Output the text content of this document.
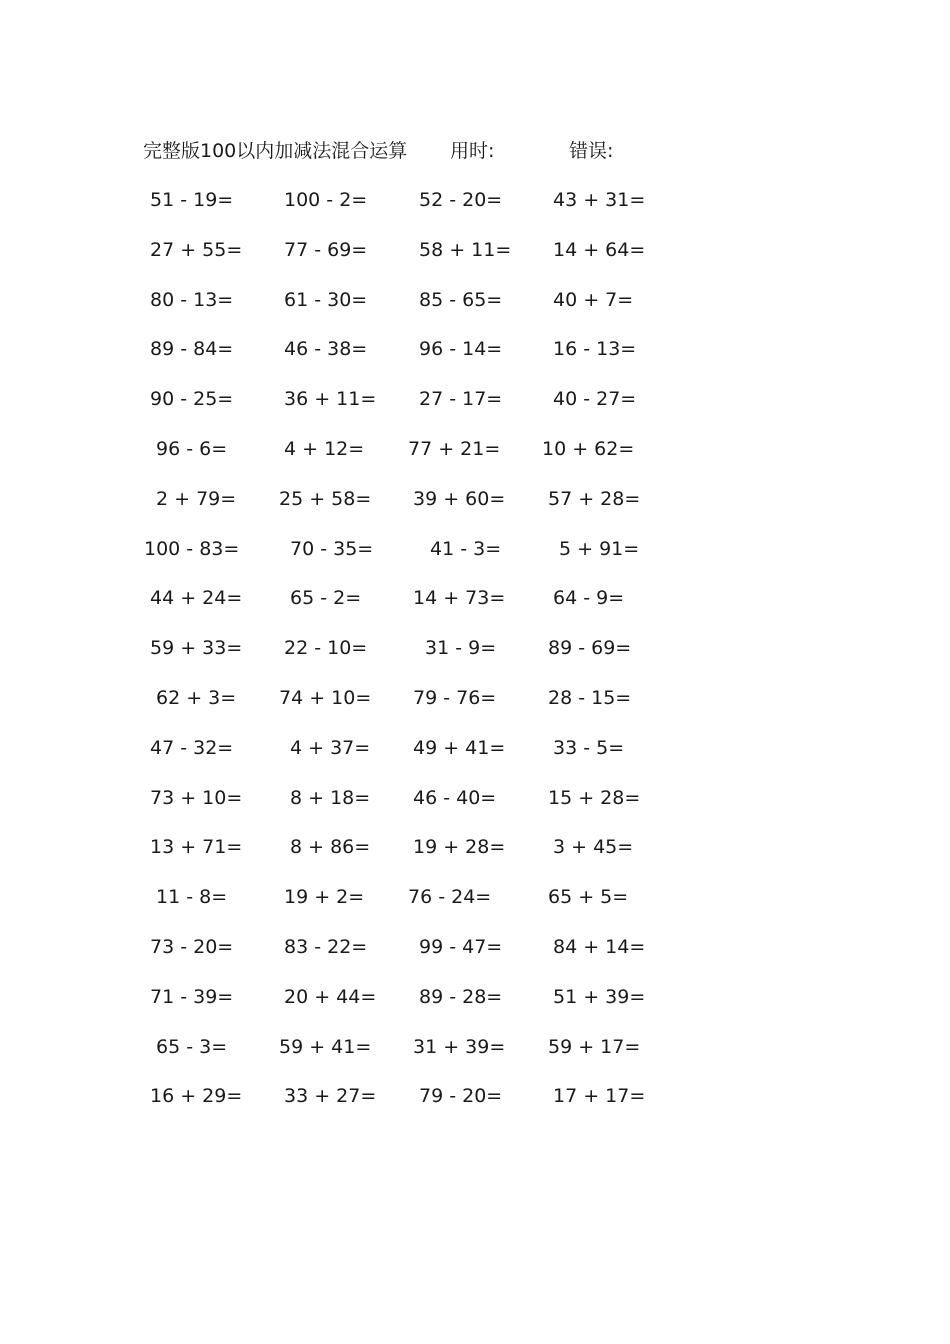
完整版100以内加减法混合运算 用时:	错误:
51 - 19=	100 - 2=	52 - 20=	43 + 31=
27 + 55= 77 - 69=	58 + 11= 14 + 64=
80 - 13=	61 - 30=	85 - 65=	40 + 7=
89 - 84=	46 - 38=	96 - 14=	16 - 13=
90 - 25=	36 + 11= 27 - 17=	40 - 27=
96 - 6=	4 + 12= 77 + 21= 10 + 62=
2 + 79= 25 + 58= 39 + 60= 57 + 28=
100 - 83=	70 - 35=	41 - 3=	5 + 91=
44 + 24=	65 - 2=	14 + 73=	64 - 9=
59 + 33= 22 - 10=	31 - 9=	89 - 69=
62 + 3= 74 + 10= 79 - 76=	28 - 15=
47 - 32=	4 + 37= 49 + 41=	33 - 5=
73 + 10=	8 + 18= 46 - 40=	15 + 28=
13 + 71=	8 + 86= 19 + 28=	3 + 45=
11 - 8=	19 + 2= 76 - 24=	65 + 5=
73 - 20=	83 - 22=	99 - 47=	84 + 14=
71 - 39=	20 + 44= 89 - 28=	51 + 39=
65 - 3=	59 + 41= 31 + 39= 59 + 17=
16 + 29= 33 + 27= 79 - 20=	17 + 17=
